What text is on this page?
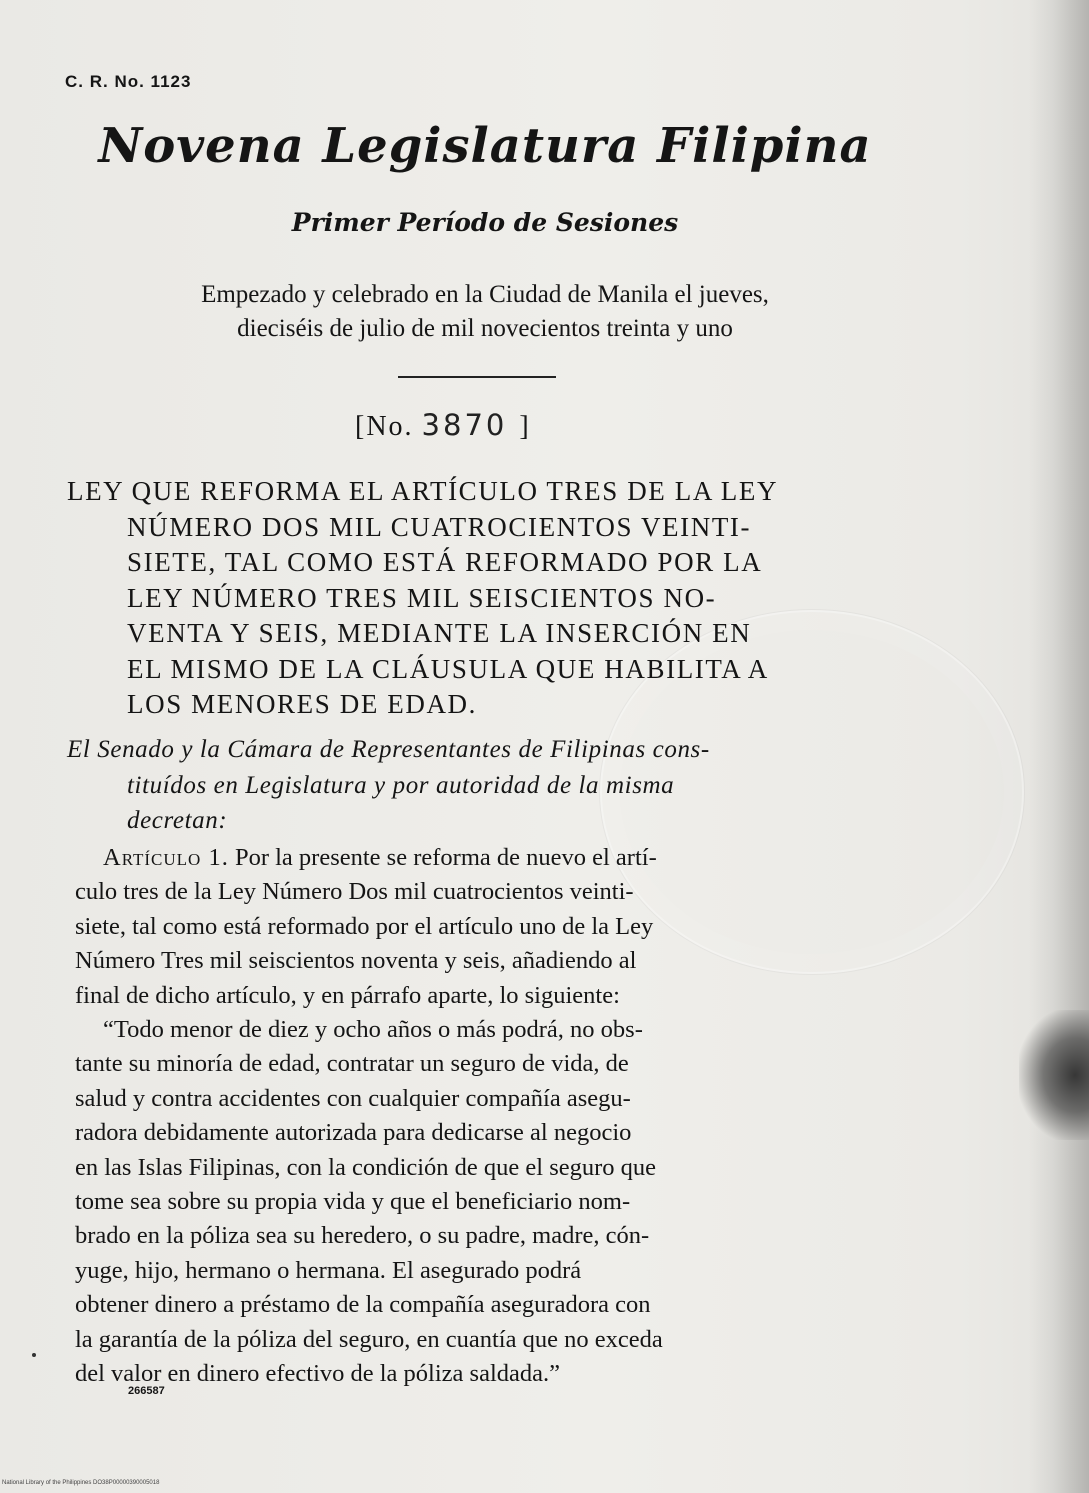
C. R. No. 1123
Novena Legislatura Filipina
Primer Período de Sesiones
Empezado y celebrado en la Ciudad de Manila el jueves,
dieciséis de julio de mil novecientos treinta y uno
[No. 3870 ]
LEY QUE REFORMA EL ARTÍCULO TRES DE LA LEY
NÚMERO DOS MIL CUATROCIENTOS VEINTI-
SIETE, TAL COMO ESTÁ REFORMADO POR LA
LEY NÚMERO TRES MIL SEISCIENTOS NO-
VENTA Y SEIS, MEDIANTE LA INSERCIÓN EN
EL MISMO DE LA CLÁUSULA QUE HABILITA A
LOS MENORES DE EDAD.
El Senado y la Cámara de Representantes de Filipinas cons-
tituídos en Legislatura y por autoridad de la misma
decretan:
Artículo 1. Por la presente se reforma de nuevo el artí-
culo tres de la Ley Número Dos mil cuatrocientos veinti-
siete, tal como está reformado por el artículo uno de la Ley
Número Tres mil seiscientos noventa y seis, añadiendo al
final de dicho artículo, y en párrafo aparte, lo siguiente:
“Todo menor de diez y ocho años o más podrá, no obs-
tante su minoría de edad, contratar un seguro de vida, de
salud y contra accidentes con cualquier compañía asegu-
radora debidamente autorizada para dedicarse al negocio
en las Islas Filipinas, con la condición de que el seguro que
tome sea sobre su propia vida y que el beneficiario nom-
brado en la póliza sea su heredero, o su padre, madre, cón-
yuge, hijo, hermano o hermana. El asegurado podrá
obtener dinero a préstamo de la compañía aseguradora con
la garantía de la póliza del seguro, en cuantía que no exceda
del valor en dinero efectivo de la póliza saldada.”
266587
National Library of the Philippines DO38P00000390005018
